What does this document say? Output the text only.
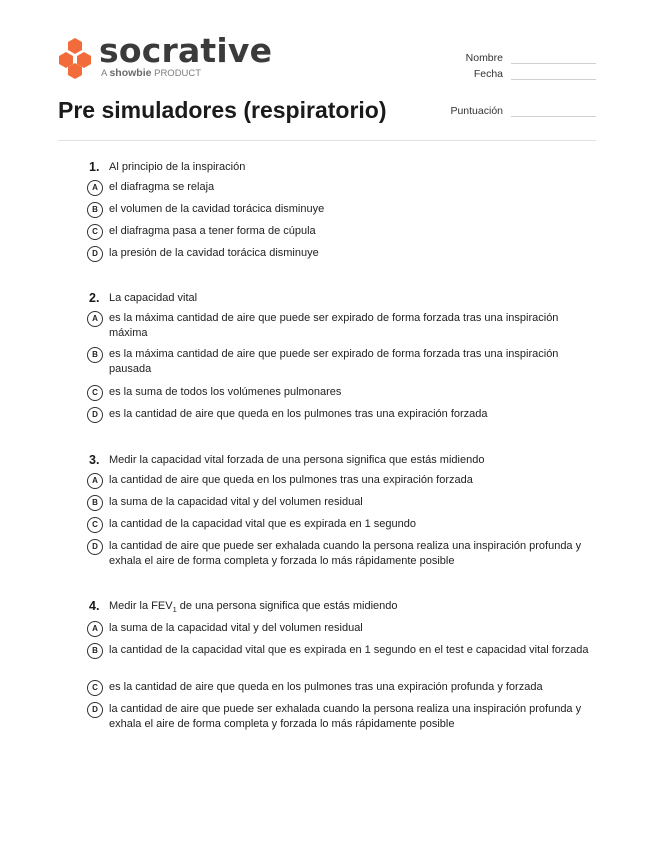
socrative
A showbie PRODUCT
Nombre
Fecha
Puntuación
Pre simuladores (respiratorio)
1. Al principio de la inspiración
A	el diafragma se relaja
B	el volumen de la cavidad torácica disminuye
C	el diafragma pasa a tener forma de cúpula
D	la presión de la cavidad torácica disminuye
2. La capacidad vital
A	es la máxima cantidad de aire que puede ser expirado de forma forzada tras una inspiración máxima
B	es la máxima cantidad de aire que puede ser expirado de forma forzada tras una inspiración pausada
C	es la suma de todos los volúmenes pulmonares
D	es la cantidad de aire que queda en los pulmones tras una expiración forzada
3. Medir la capacidad vital forzada de una persona significa que estás midiendo
A	la cantidad de aire que queda en los pulmones tras una expiración forzada
B	la suma de la capacidad vital y del volumen residual
C	la cantidad de la capacidad vital que es expirada en 1 segundo
D	la cantidad de aire que puede ser exhalada cuando la persona realiza una inspiración profunda y exhala el aire de forma completa y forzada lo más rápidamente posible
4. Medir la $FEV_1$ de una persona significa que estás midiendo
A	la suma de la capacidad vital y del volumen residual
B	la cantidad de la capacidad vital que es expirada en 1 segundo en el test e capacidad vital forzada
C	es la cantidad de aire que queda en los pulmones tras una expiración profunda y forzada
D	la cantidad de aire que puede ser exhalada cuando la persona realiza una inspiración profunda y exhala el aire de forma completa y forzada lo más rápidamente posible
